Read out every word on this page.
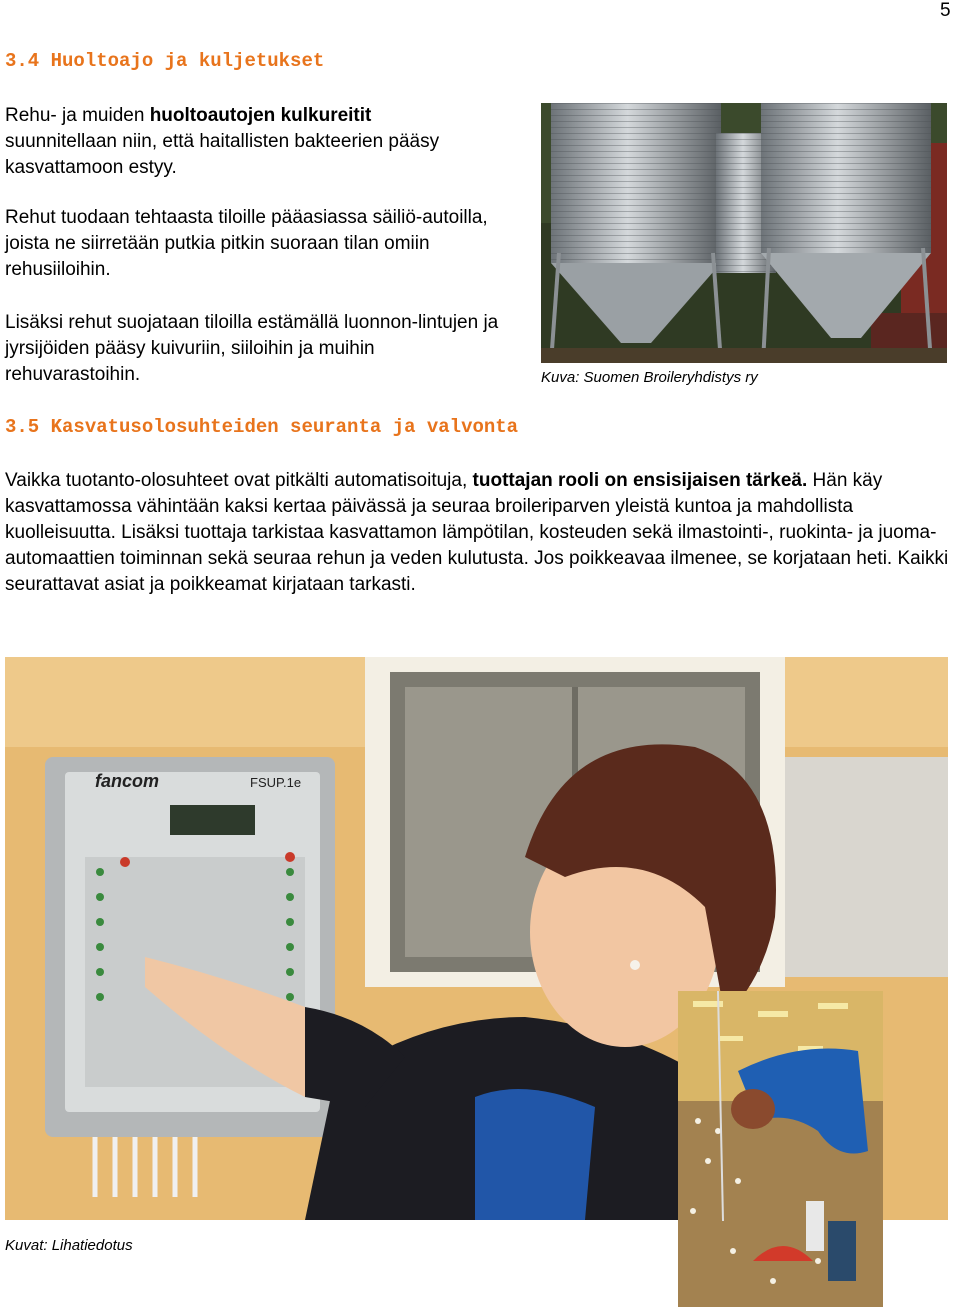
5
3.4 Huoltoajo ja kuljetukset

Rehu- ja muiden huoltoautojen kulkureitit suunnitellaan niin, että haitallisten bakteerien pääsy kasvattamoon estyy.

Rehut tuodaan tehtaasta tiloille pääasiassa säiliö-autoilla, joista ne siirretään putkia pitkin suoraan tilan omiin rehusiiloihin.

Lisäksi rehut suojataan tiloilla estämällä luonnon-lintujen ja jyrsijöiden pääsy kuivuriin, siiloihin ja muihin rehuvarastoihin.	Kuva: Suomen Broileryhdistys ry

3.5 Kasvatusolosuhteiden seuranta ja valvonta

Vaikka tuotanto-olosuhteet ovat pitkälti automatisoituja, tuottajan rooli on ensisijaisen tärkeä. Hän käy kasvattamossa vähintään kaksi kertaa päivässä ja seuraa broileriparven yleistä kuntoa ja mahdollista kuolleisuutta. Lisäksi tuottaja tarkistaa kasvattamon lämpötilan, kosteuden sekä ilmastointi-, ruokinta- ja juoma-automaattien toiminnan sekä seuraa rehun ja veden kulutusta. Jos poikkeavaa ilmenee, se korjataan heti. Kaikki seurattavat asiat ja poikkeamat kirjataan tarkasti.

fancom	FSUP.1e

Kuvat: Lihatiedotus
